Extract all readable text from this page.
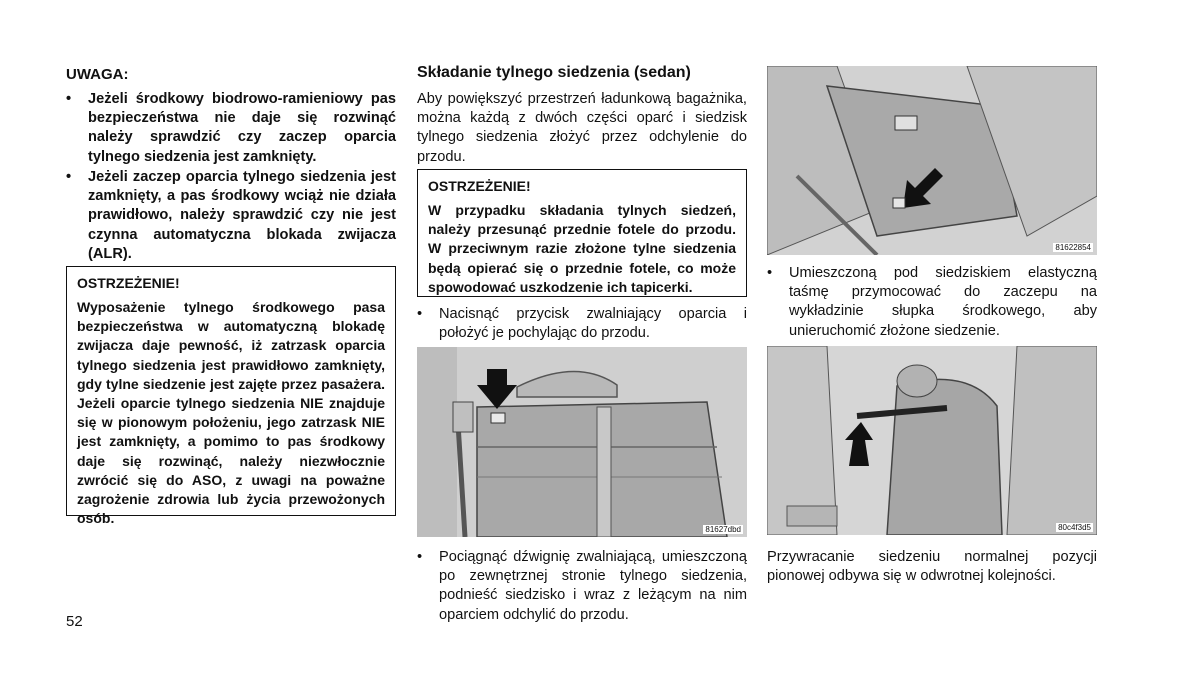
UWAGA:
• Jeżeli środkowy biodrowo-ramieniowy pas bezpieczeństwa nie daje się rozwinąć należy sprawdzić czy zaczep oparcia tylnego siedzenia jest zamknięty.
• Jeżeli zaczep oparcia tylnego siedzenia jest zamknięty, a pas środkowy wciąż nie działa prawidłowo, należy sprawdzić czy nie jest czynna automatyczna blokada zwijacza (ALR).
OSTRZEŻENIE!
Wyposażenie tylnego środkowego pasa bezpieczeństwa w automatyczną blokadę zwijacza daje pewność, iż zatrzask oparcia tylnego siedzenia jest prawidłowo zamknięty, gdy tylne siedzenie jest zajęte przez pasażera. Jeżeli oparcie tylnego siedzenia NIE znajduje się w pionowym położeniu, jego zatrzask NIE jest zamknięty, a pomimo to pas środkowy daje się rozwinąć, należy niezwłocznie zwrócić się do ASO, z uwagi na poważne zagrożenie zdrowia lub życia przewożonych osób.
52
Składanie tylnego siedzenia (sedan)
Aby powiększyć przestrzeń ładunkową bagażnika, można każdą z dwóch części oparć i siedzisk tylnego siedzenia złożyć przez odchylenie do przodu.
OSTRZEŻENIE!
W przypadku składania tylnych siedzeń, należy przesunąć przednie fotele do przodu. W przeciwnym razie złożone tylne siedzenia będą opierać się o przednie fotele, co może spowodować uszkodzenie ich tapicerki.
• Nacisnąć przycisk zwalniający oparcia i położyć je pochylając do przodu.
81627dbd
• Pociągnąć dźwignię zwalniającą, umieszczoną po zewnętrznej stronie tylnego siedzenia, podnieść siedzisko i wraz z leżącym na nim oparciem odchylić do przodu.
81622854
• Umieszczoną pod siedziskiem elastyczną taśmę przymocować do zaczepu na wykładzinie słupka środkowego, aby unieruchomić złożone siedzenie.
80c4f3d5
Przywracanie siedzeniu normalnej pozycji pionowej odbywa się w odwrotnej kolejności.
